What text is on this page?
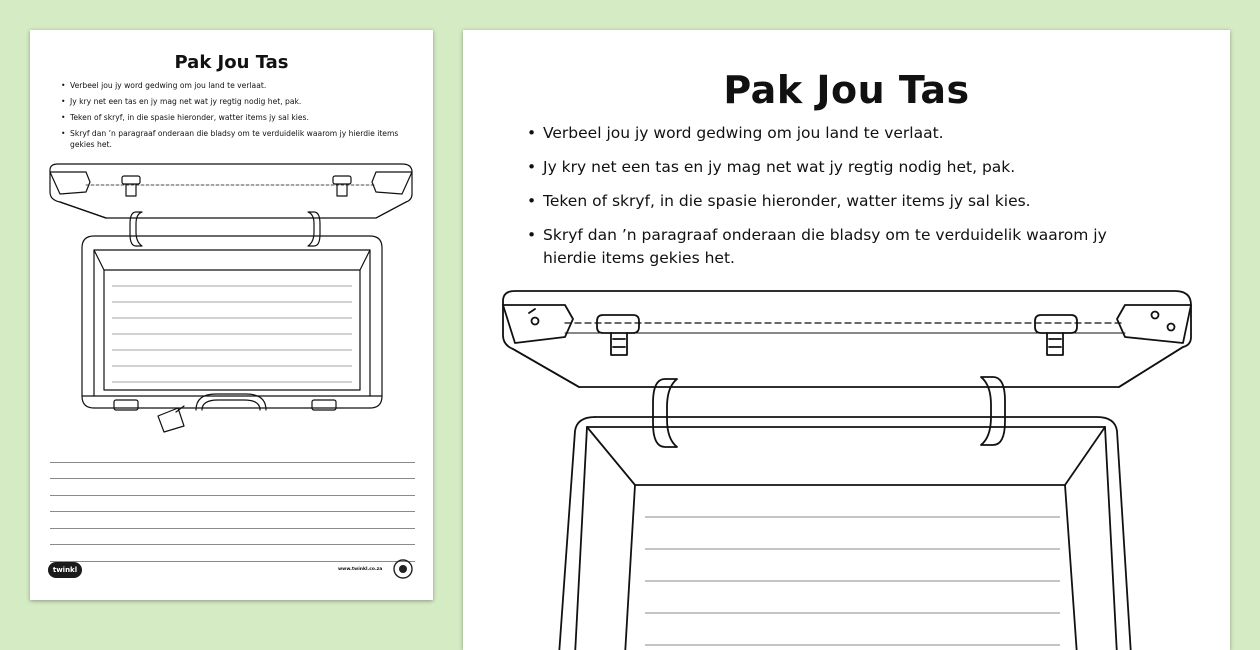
Pak Jou Tas
• Verbeel jou jy word gedwing om jou land te verlaat.
• Jy kry net een tas en jy mag net wat jy regtig nodig het, pak.
• Teken of skryf, in die spasie hieronder, watter items jy sal kies.
• Skryf dan ’n paragraaf onderaan die bladsy om te verduidelik waarom jy hierdie items gekies het.
twinkl	www.twinkl.co.za
Pak Jou Tas
• Verbeel jou jy word gedwing om jou land te verlaat.
• Jy kry net een tas en jy mag net wat jy regtig nodig het, pak.
• Teken of skryf, in die spasie hieronder, watter items jy sal kies.
• Skryf dan ’n paragraaf onderaan die bladsy om te verduidelik waarom jy hierdie items gekies het.
